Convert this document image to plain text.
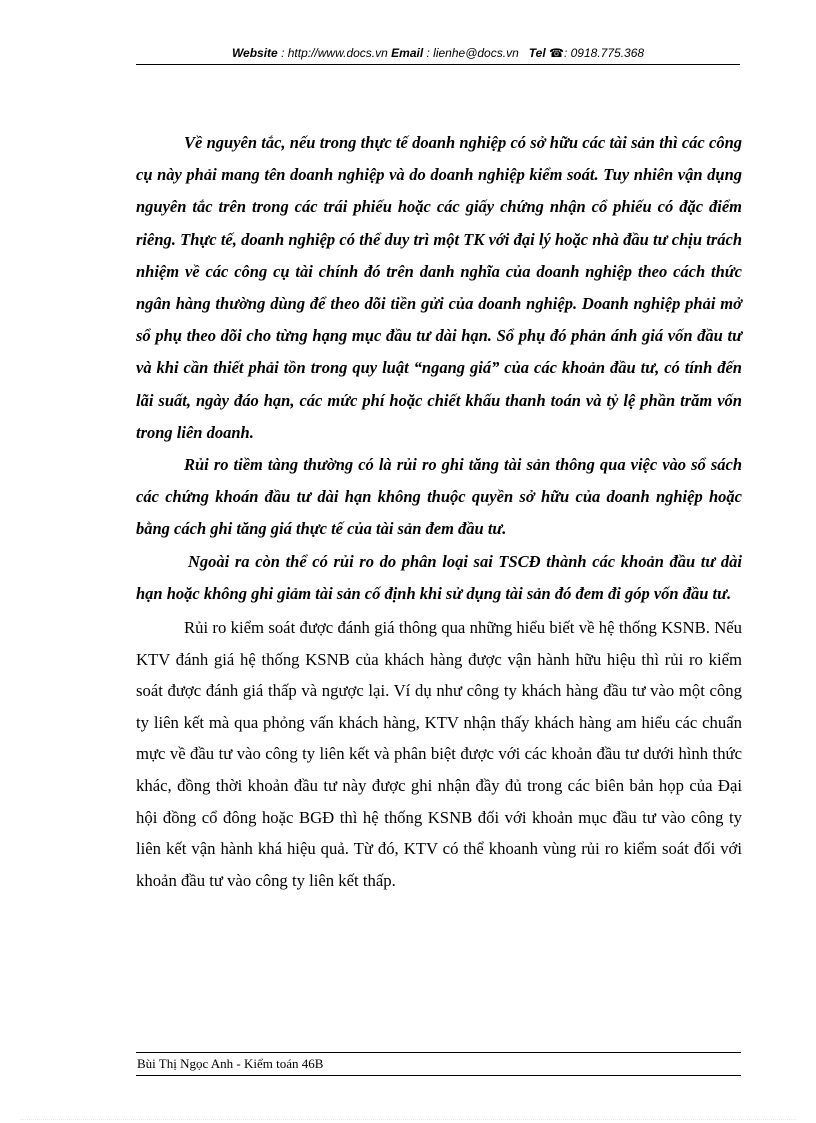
Website : http://www.docs.vn Email : lienhe@docs.vn Tel ☎: 0918.775.368

Về nguyên tắc, nếu trong thực tế doanh nghiệp có sở hữu các tài sản thì các công cụ này phải mang tên doanh nghiệp và do doanh nghiệp kiểm soát. Tuy nhiên vận dụng nguyên tắc trên trong các trái phiếu hoặc các giấy chứng nhận cổ phiếu có đặc điểm riêng. Thực tế, doanh nghiệp có thể duy trì một TK với đại lý hoặc nhà đầu tư chịu trách nhiệm về các công cụ tài chính đó trên danh nghĩa của doanh nghiệp theo cách thức ngân hàng thường dùng để theo dõi tiền gửi của doanh nghiệp. Doanh nghiệp phải mở sổ phụ theo dõi cho từng hạng mục đầu tư dài hạn. Sổ phụ đó phản ánh giá vốn đầu tư và khi cần thiết phải tồn trong quy luật “ngang giá” của các khoản đầu tư, có tính đến lãi suất, ngày đáo hạn, các mức phí hoặc chiết khấu thanh toán và tỷ lệ phần trăm vốn trong liên doanh.

Rủi ro tiềm tàng thường có là rủi ro ghi tăng tài sản thông qua việc vào sổ sách các chứng khoán đầu tư dài hạn không thuộc quyền sở hữu của doanh nghiệp hoặc bằng cách ghi tăng giá thực tế của tài sản đem đầu tư.

Ngoài ra còn thể có rủi ro do phân loại sai TSCĐ thành các khoản đầu tư dài hạn hoặc không ghi giảm tài sản cố định khi sử dụng tài sản đó đem đi góp vốn đầu tư.

Rủi ro kiểm soát được đánh giá thông qua những hiểu biết về hệ thống KSNB. Nếu KTV đánh giá hệ thống KSNB của khách hàng được vận hành hữu hiệu thì rủi ro kiểm soát được đánh giá thấp và ngược lại. Ví dụ như công ty khách hàng đầu tư vào một công ty liên kết mà qua phỏng vấn khách hàng, KTV nhận thấy khách hàng am hiểu các chuẩn mực về đầu tư vào công ty liên kết và phân biệt được với các khoản đầu tư dưới hình thức khác, đồng thời khoản đầu tư này được ghi nhận đầy đủ trong các biên bản họp của Đại hội đồng cổ đông hoặc BGĐ thì hệ thống KSNB đối với khoản mục đầu tư vào công ty liên kết vận hành khá hiệu quả. Từ đó, KTV có thể khoanh vùng rủi ro kiểm soát đối với khoản đầu tư vào công ty liên kết thấp.

Bùi Thị Ngọc Anh - Kiểm toán 46B
